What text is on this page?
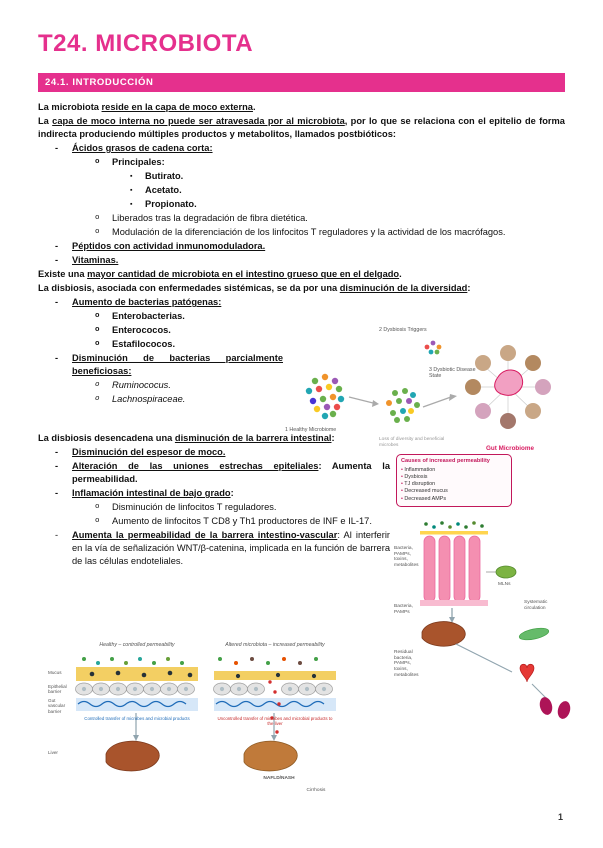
T24. MICROBIOTA
24.1. INTRODUCCIÓN

La microbiota reside en la capa de moco externa.

La capa de moco interna no puede ser atravesada por al microbiota, por lo que se relaciona con el epitelio de forma indirecta produciendo múltiples productos y metabolitos, llamados postbióticos:

- Ácidos grasos de cadena corta:
o Principales:
▪ Butirato.
▪ Acetato.
▪ Propionato.
o Liberados tras la degradación de fibra dietética.
o Modulación de la diferenciación de los linfocitos T reguladores y la actividad de los macrófagos.
- Péptidos con actividad inmunomoduladora.
- Vitaminas.

Existe una mayor cantidad de microbiota en el intestino grueso que en el delgado.

La disbiosis, asociada con enfermedades sistémicas, se da por una disminución de la diversidad:

- Aumento de bacterias patógenas:
o Enterobacterias.
o Enterococos.
o Estafilococos.
- Disminución de bacterias parcialmente beneficiosas:
o Ruminococus.
o Lachnospiraceae.

La disbiosis desencadena una disminución de la barrera intestinal:

- Disminución del espesor de moco.
- Alteración de las uniones estrechas epiteliales: Aumenta la permeabilidad.
- Inflamación intestinal de bajo grado:
o Disminución de linfocitos T reguladores.
o Aumento de linfocitos T CD8 y Th1 productores de INF e IL-17.
- Aumenta la permeabilidad de la barrera intestino-vascular: Al interferir en la vía de señalización WNT/β-catenina, implicada en la función de barrera de las células endoteliales.
2 Dysbiosis Triggers
1 Healthy Microbiome
3 Dysbiotic Disease State
Loss of diversity and beneficial microbes	Gut Microbiome
Causes of increased permeability
• Inflammation
• Dysbiosis
• TJ disruption
• Decreased mucus
• Decreased AMPs
Bacteria, PAMPs, toxins, metabolites
Bacteria, PAMPs
Residual bacteria, PAMPs, toxins, metabolites
MLNs
Systematic circulation
Healthy – controlled permeability	Altered microbiota – increased permeability
Mucus
Epithelial barrier
Gut vascular barrier
Liver
Controlled transfer of microbes and microbial products	Uncontrolled transfer of microbes and microbial products to the liver
NAFLD/NASH
Cirrhosis
1
